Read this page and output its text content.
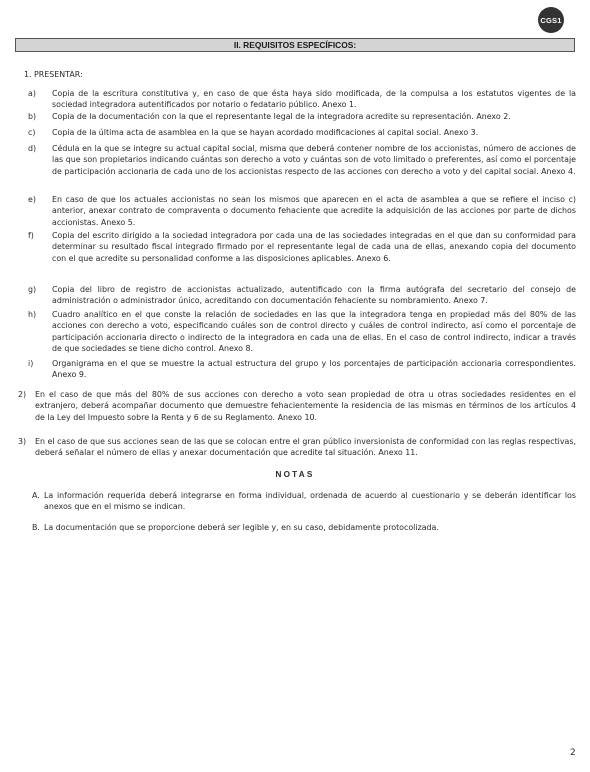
CGS1
II. REQUISITOS ESPECÍFICOS:
1. PRESENTAR:
a) Copia de la escritura constitutiva y, en caso de que ésta haya sido modificada, de la compulsa a los estatutos vigentes de la sociedad integradora autentificados por notario o fedatario público. Anexo 1.
b) Copia de la documentación con la que el representante legal de la integradora acredite su representación. Anexo 2.
c) Copia de la última acta de asamblea en la que se hayan acordado modificaciones al capital social. Anexo 3.
d) Cédula en la que se integre su actual capital social, misma que deberá contener nombre de los accionistas, número de acciones de las que son propietarios indicando cuántas son derecho a voto y cuántas son de voto limitado o preferentes, así como el porcentaje de participación accionaria de cada uno de los accionistas respecto de las acciones con derecho a voto y del capital social. Anexo 4.
e) En caso de que los actuales accionistas no sean los mismos que aparecen en el acta de asamblea a que se refiere el inciso c) anterior, anexar contrato de compraventa o documento fehaciente que acredite la adquisición de las acciones por parte de dichos accionistas. Anexo 5.
f) Copia del escrito dirigido a la sociedad integradora por cada una de las sociedades integradas en el que dan su conformidad para determinar su resultado fiscal integrado firmado por el representante legal de cada una de ellas, anexando copia del documento con el que acredite su personalidad conforme a las disposiciones aplicables. Anexo 6.
g) Copia del libro de registro de accionistas actualizado, autentificado con la firma autógrafa del secretario del consejo de administración o administrador único, acreditando con documentación fehaciente su nombramiento. Anexo 7.
h) Cuadro analítico en el que conste la relación de sociedades en las que la integradora tenga en propiedad más del 80% de las acciones con derecho a voto, especificando cuáles son de control directo y cuáles de control indirecto, así como el porcentaje de participación accionaria directo o indirecto de la integradora en cada una de ellas. En el caso de control indirecto, indicar a través de que sociedades se tiene dicho control. Anexo 8.
i) Organigrama en el que se muestre la actual estructura del grupo y los porcentajes de participación accionaria correspondientes. Anexo 9.
2) En el caso de que más del 80% de sus acciones con derecho a voto sean propiedad de otra u otras sociedades residentes en el extranjero, deberá acompañar documento que demuestre fehacientemente la residencia de las mismas en términos de los artículos 4 de la Ley del Impuesto sobre la Renta y 6 de su Reglamento. Anexo 10.
3) En el caso de que sus acciones sean de las que se colocan entre el gran público inversionista de conformidad con las reglas respectivas, deberá señalar el número de ellas y anexar documentación que acredite tal situación. Anexo 11.
NOTAS
A. La información requerida deberá integrarse en forma individual, ordenada de acuerdo al cuestionario y se deberán identificar los anexos que en el mismo se indican.
B. La documentación que se proporcione deberá ser legible y, en su caso, debidamente protocolizada.
2
